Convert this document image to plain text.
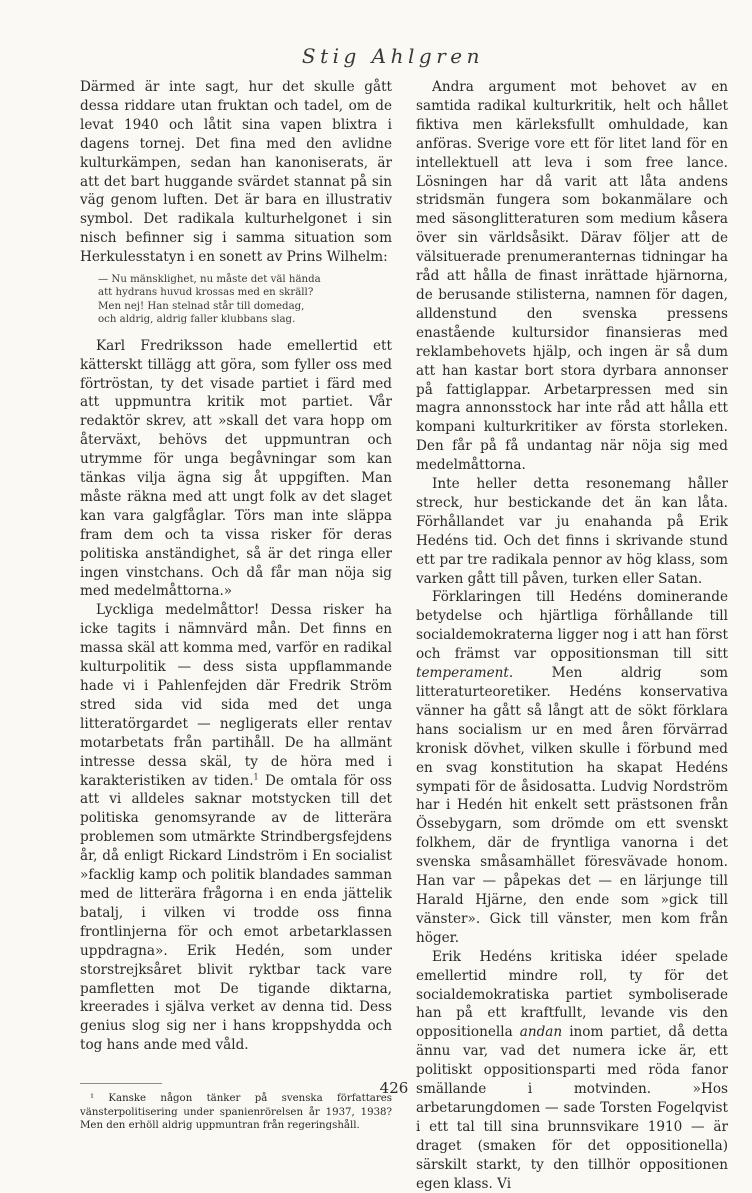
Stig Ahlgren

Därmed är inte sagt, hur det skulle gått dessa riddare utan fruktan och tadel, om de levat 1940 och låtit sina vapen blixtra i dagens tornej. Det fina med den avlidne kulturkämpen, sedan han kanoniserats, är att det bart huggande svärdet stannat på sin väg genom luften. Det är bara en illustrativ symbol. Det radikala kulturhelgonet i sin nisch befinner sig i samma situation som Herkulesstatyn i en sonett av Prins Wilhelm:

— Nu mänsklighet, nu måste det väl hända
att hydrans huvud krossas med en skräll?
Men nej! Han stelnad står till domedag,
och aldrig, aldrig faller klubbans slag.

Karl Fredriksson hade emellertid ett kätterskt tillägg att göra, som fyller oss med förtröstan, ty det visade partiet i färd med att uppmuntra kritik mot partiet. Vår redaktör skrev, att »skall det vara hopp om återväxt, behövs det uppmuntran och utrymme för unga begåvningar som kan tänkas vilja ägna sig åt uppgiften. Man måste räkna med att ungt folk av det slaget kan vara galgfåglar. Törs man inte släppa fram dem och ta vissa risker för deras politiska anständighet, så är det ringa eller ingen vinstchans. Och då får man nöja sig med medelmåttorna.»

Lyckliga medelmåttor! Dessa risker ha icke tagits i nämnvärd mån. Det finns en massa skäl att komma med, varför en radikal kulturpolitik — dess sista uppflammande hade vi i Pahlenfejden där Fredrik Ström stred sida vid sida med det unga litteratörgardet — negligerats eller rentav motarbetats från partihåll. De ha allmänt intresse dessa skäl, ty de höra med i karakteristiken av tiden.$^1$ De omtala för oss att vi alldeles saknar motstycken till det politiska genomsyrande av de litterära problemen som utmärkte Strindbergsfejdens år, då enligt Rickard Lindström i En socialist »facklig kamp och politik blandades samman med de litterära frågorna i en enda jättelik batalj, i vilken vi trodde oss finna frontlinjerna för och emot arbetarklassen uppdragna». Erik Hedén, som under storstrejksåret blivit ryktbar tack vare pamfletten mot De tigande diktarna, kreerades i själva verket av denna tid. Dess genius slog sig ner i hans kroppshydda och tog hans ande med våld.

¹ Kanske någon tänker på svenska författares vänsterpolitisering under spanienrörelsen år 1937, 1938? Men den erhöll aldrig uppmuntran från regeringshåll.

Andra argument mot behovet av en samtida radikal kulturkritik, helt och hållet fiktiva men kärleksfullt omhuldade, kan anföras. Sverige vore ett för litet land för en intellektuell att leva i som free lance. Lösningen har då varit att låta andens stridsmän fungera som bokanmälare och med säsonglitteraturen som medium kåsera över sin världsåsikt. Därav följer att de välsituerade prenumeranternas tidningar ha råd att hålla de finast inrättade hjärnorna, de berusande stilisterna, namnen för dagen, alldenstund den svenska pressens enastående kultursidor finansieras med reklambehovets hjälp, och ingen är så dum att han kastar bort stora dyrbara annonser på fattiglappar. Arbetarpressen med sin magra annonsstock har inte råd att hålla ett kompani kulturkritiker av första storleken. Den får på få undantag när nöja sig med medelmåttorna.

Inte heller detta resonemang håller streck, hur bestickande det än kan låta. Förhållandet var ju enahanda på Erik Hedéns tid. Och det finns i skrivande stund ett par tre radikala pennor av hög klass, som varken gått till påven, turken eller Satan.

Förklaringen till Hedéns dominerande betydelse och hjärtliga förhållande till socialdemokraterna ligger nog i att han först och främst var oppositionsman till sitt temperament. Men aldrig som litteraturteoretiker. Hedéns konservativa vänner ha gått så långt att de sökt förklara hans socialism ur en med åren förvärrad kronisk dövhet, vilken skulle i förbund med en svag konstitution ha skapat Hedéns sympati för de åsidosatta. Ludvig Nordström har i Hedén hit enkelt sett prästsonen från Össebygarn, som drömde om ett svenskt folkhem, där de fryntliga vanorna i det svenska småsamhället föresvävade honom. Han var — påpekas det — en lärjunge till Harald Hjärne, den ende som »gick till vänster». Gick till vänster, men kom från höger.

Erik Hedéns kritiska idéer spelade emellertid mindre roll, ty för det socialdemokratiska partiet symboliserade han på ett kraftfullt, levande vis den oppositionella andan inom partiet, då detta ännu var, vad det numera icke är, ett politiskt oppositionsparti med röda fanor smällande i motvinden. »Hos arbetarungdomen — sade Torsten Fogelqvist i ett tal till sina brunnsvikare 1910 — är draget (smaken för det oppositionella) särskilt starkt, ty den tillhör oppositionen egen klass. Vi

426
